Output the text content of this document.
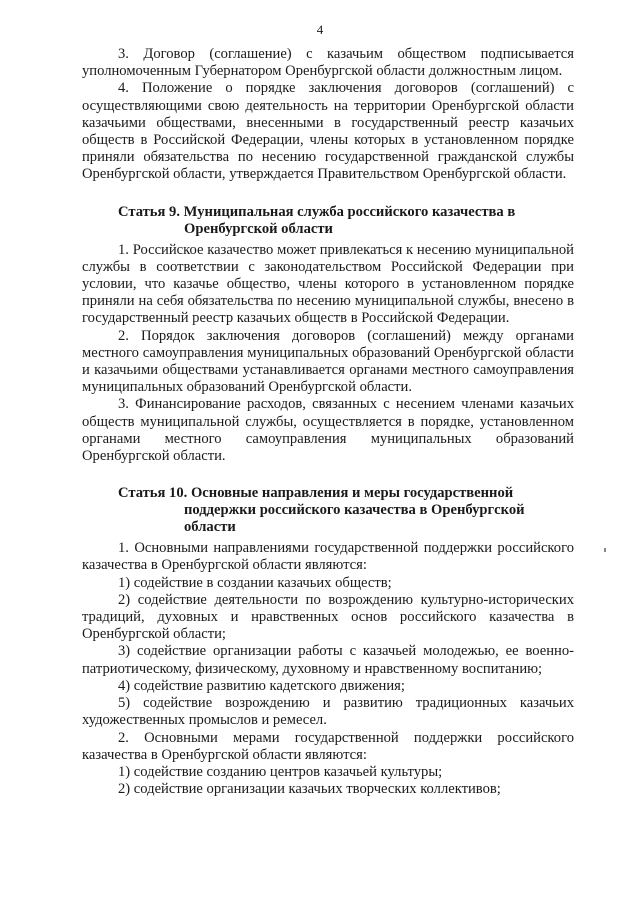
4

3. Договор (соглашение) с казачьим обществом подписывается уполномоченным Губернатором Оренбургской области должностным лицом.

4. Положение о порядке заключения договоров (соглашений) с осуществляющими свою деятельность на территории Оренбургской области казачьими обществами, внесенными в государственный реестр казачьих обществ в Российской Федерации, члены которых в установленном порядке приняли обязательства по несению государственной гражданской службы Оренбургской области, утверждается Правительством Оренбургской области.

Статья 9. Муниципальная служба российского казачества в
Оренбургской области

1. Российское казачество может привлекаться к несению муниципальной службы в соответствии с законодательством Российской Федерации при условии, что казачье общество, члены которого в установленном порядке приняли на себя обязательства по несению муниципальной службы, внесено в государственный реестр казачьих обществ в Российской Федерации.

2. Порядок заключения договоров (соглашений) между органами местного самоуправления муниципальных образований Оренбургской области и казачьими обществами устанавливается органами местного самоуправления муниципальных образований Оренбургской области.

3. Финансирование расходов, связанных с несением членами казачьих обществ муниципальной службы, осуществляется в порядке, установленном органами местного самоуправления муниципальных образований Оренбургской области.

Статья 10. Основные направления и меры государственной
поддержки российского казачества в Оренбургской
области

1. Основными направлениями государственной поддержки российского казачества в Оренбургской области являются:

1) содействие в создании казачьих обществ;

2) содействие деятельности по возрождению культурно-исторических традиций, духовных и нравственных основ российского казачества в Оренбургской области;

3) содействие организации работы с казачьей молодежью, ее военно-патриотическому, физическому, духовному и нравственному воспитанию;

4) содействие развитию кадетского движения;

5) содействие возрождению и развитию традиционных казачьих художественных промыслов и ремесел.

2. Основными мерами государственной поддержки российского казачества в Оренбургской области являются:

1) содействие созданию центров казачьей культуры;

2) содействие организации казачьих творческих коллективов;
